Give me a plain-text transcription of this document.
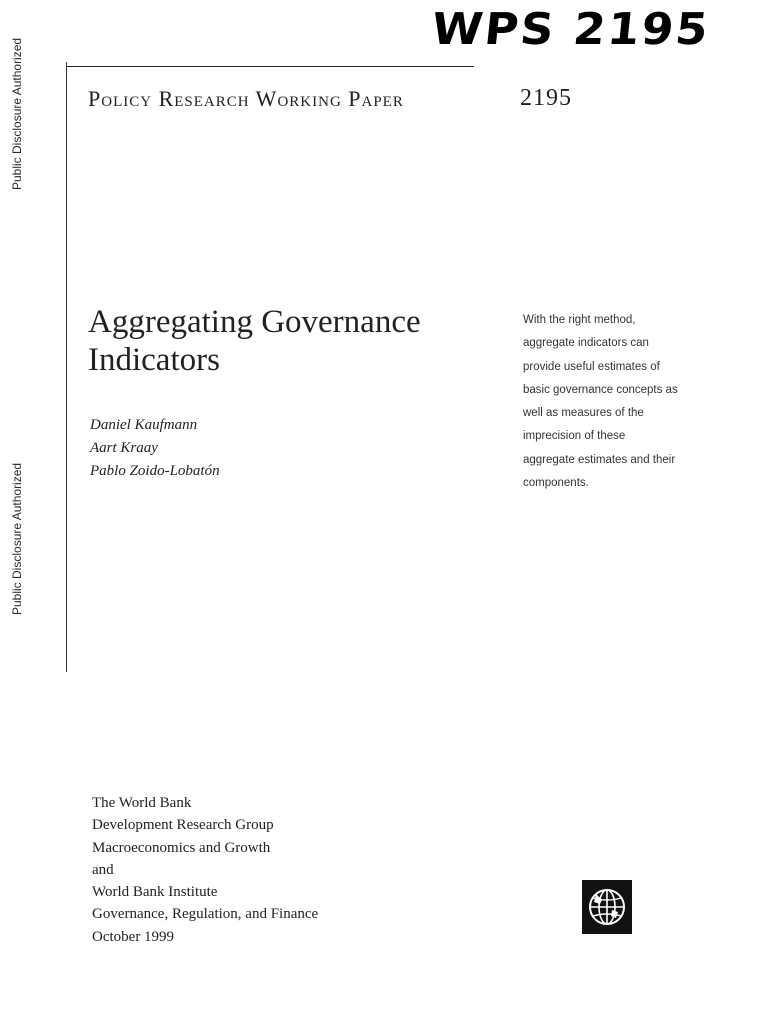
Public Disclosure Authorized
Public Disclosure Authorized
WPS 2195
Policy Research Working Paper	2195
Aggregating Governance Indicators
Daniel Kaufmann
Aart Kraay
Pablo Zoido-Lobatón
With the right method,
aggregate indicators can
provide useful estimates of
basic governance concepts as
well as measures of the
imprecision of these
aggregate estimates and their
components.
The World Bank
Development Research Group
Macroeconomics and Growth
and
World Bank Institute
Governance, Regulation, and Finance
October 1999
